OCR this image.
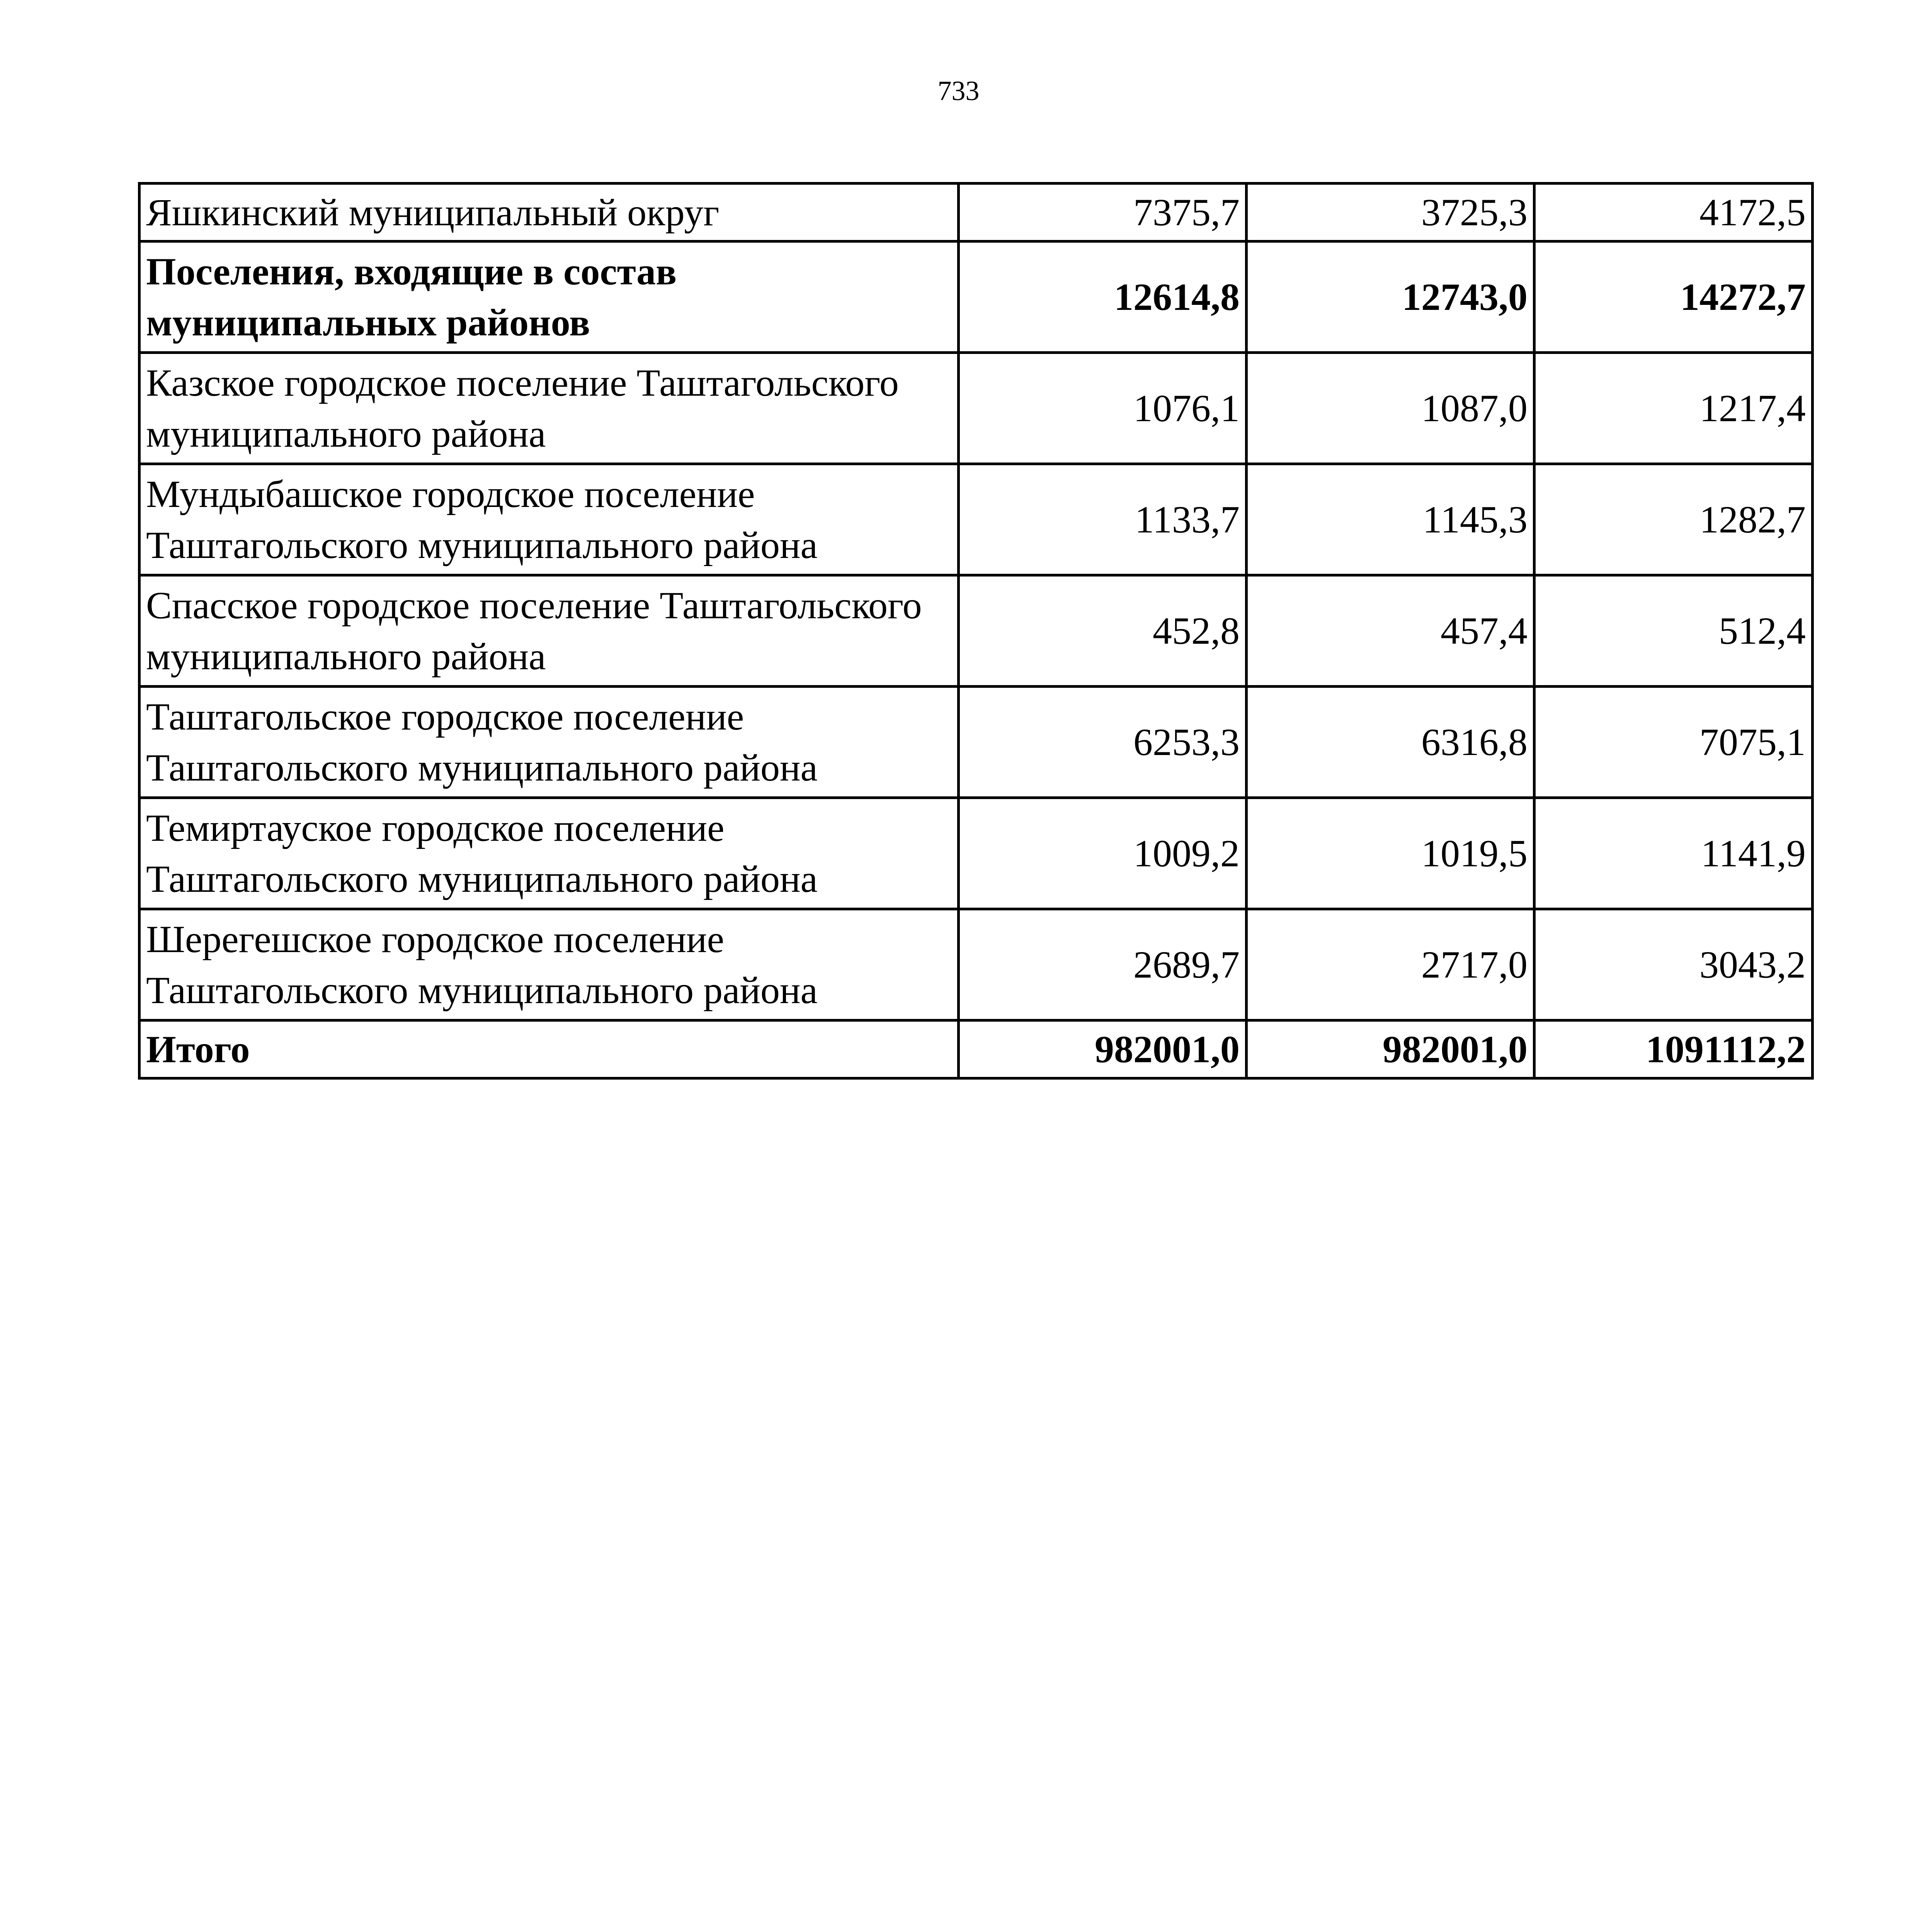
733
Яшкинский муниципальный округ	7375,7	3725,3	4172,5
Поселения, входящие в состав муниципальных районов	12614,8	12743,0	14272,7
Казское городское поселение Таштагольского муниципального района	1076,1	1087,0	1217,4
Мундыбашское городское поселение Таштагольского муниципального района	1133,7	1145,3	1282,7
Спасское городское поселение Таштагольского муниципального района	452,8	457,4	512,4
Таштагольское городское поселение Таштагольского муниципального района	6253,3	6316,8	7075,1
Темиртауское городское поселение Таштагольского муниципального района	1009,2	1019,5	1141,9
Шерегешское городское поселение Таштагольского муниципального района	2689,7	2717,0	3043,2
Итого	982001,0	982001,0	1091112,2
